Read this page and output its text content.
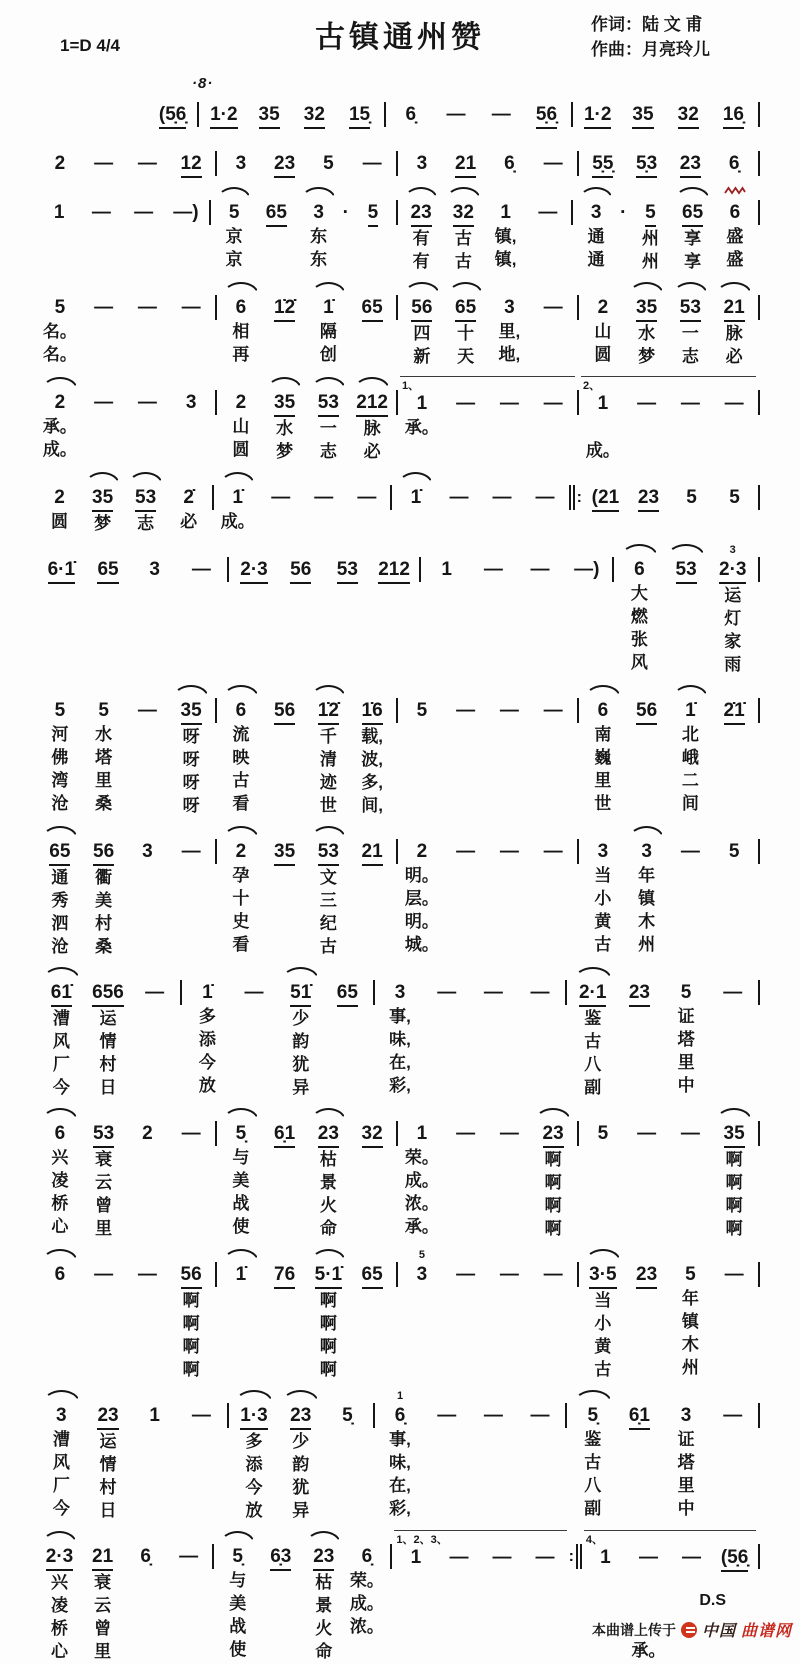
1=D 4/4	古镇通州赞	作词：陆 文 甫
作曲：月亮玲儿
·8·
(5̣6̣ 1·2 35 32 15̣ 6̣ — — 5̣6̣ 1·2 35 32 16̣
2 — — 12 3 23 5 — 3 21 6̣ — 5̣5̣ 5̣3 23 6̣
1

—

—

—)

5
京
京
65

3
东
东
·

5

23
有
有
32
古
古
1
镇,
镇,
—

3
通
通
·

5
州
州
65
享
享
6
盛
盛
5
名。
名。
—

—

—

6
相
再
1̇2̇

1̇
隔
创
65

56
四
新
65
十
天
3
里,
地,
—

2
山
圆
35
水
梦
53
一
志
21
脉
必
2
承。
成。
—

—

3

2
山
圆
35
水
梦
53
一
志
212
脉
必
1、
1
承。

—

—

—

2、
1

成。
—

—

—

2
圆
35
梦
53
志
2̇
必
1̇
成。
—
—
—
1̇
—
—
—
: (21
23
5
5

6·1̇

65

3

—

2·3

56

53

212

1

—

—

—)

6
大
燃
张
风
53

3
2·3
运
灯
家
雨
5
河
佛
湾
沧
5
水
塔
里
桑
—

35
呀
呀
呀
呀
6
流
映
古
看
56

1̇2̇
千
清
迹
世
1̇6
载,
波,
多,
间,
5

—

—

—

6
南
巍
里
世
56

1̇
北
峨
二
间
2̇1̇

65
通
秀
泗
沧
56
衢
美
村
桑
3

—

2
孕
十
史
看
35

53
文
三
纪
古
21

2
明。
层。
明。
城。
—

—

—

3
当
小
黄
古
3
年
镇
木
州
—

5

61̇
漕
风
厂
今
656
运
情
村
日
—

1̇
多
添
今
放
—

51̇
少
韵
犹
异
65

3
事,
味,
在,
彩,
—

—

—

2·1
鉴
古
八
副
23

5
证
塔
里
中
—

6
兴
凌
桥
心
53
衰
云
曾
里
2

—

5̣
与
美
战
使
6̣1

23
枯
景
火
命
32

1
荣。
成。
浓。
承。
—

—

23
啊
啊
啊
啊
5

—

—

35
啊
啊
啊
啊
6

—

—

56
啊
啊
啊
啊
1̇

76

5·1̇
啊
啊
啊
啊
65

5
3

—

—

—

3·5
当
小
黄
古
23

5
年
镇
木
州
—

3
漕
风
厂
今
23
运
情
村
日
1

—

1·3
多
添
今
放
23
少
韵
犹
异
5̣

1
6̣
事,
味,
在,
彩,
—

—

—

5̣
鉴
古
八
副
6̣1

3
证
塔
里
中
—

2·3
兴
凌
桥
心
21
衰
云
曾
里
6̣

—

5̣
与
美
战
使
6̣3

23
枯
景
火
命
6̣
荣。
成。
浓。

1、2、3、
1

—

—

—

:
4、
1

—

承。
—

(5̣6̣

D.S
本曲谱上传于 中国 曲谱网
